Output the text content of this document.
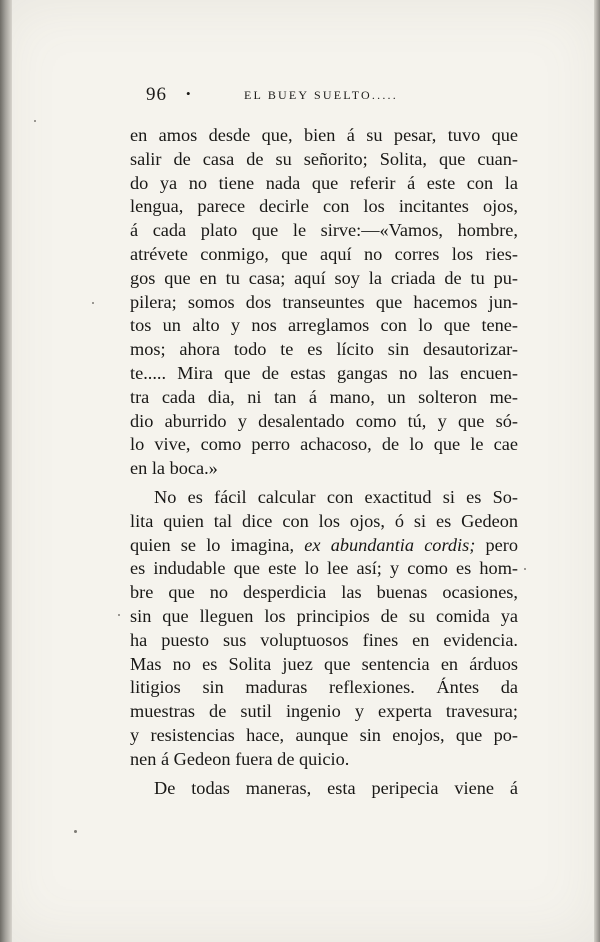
96 •	EL BUEY SUELTO.....
en amos desde que, bien á su pesar, tuvo que
salir de casa de su señorito; Solita, que cuan-
do ya no tiene nada que referir á este con la
lengua, parece decirle con los incitantes ojos,
á cada plato que le sirve:—«Vamos, hombre,
atrévete conmigo, que aquí no corres los ries-
gos que en tu casa; aquí soy la criada de tu pu-
pilera; somos dos transeuntes que hacemos jun-
tos un alto y nos arreglamos con lo que tene-
mos; ahora todo te es lícito sin desautorizar-
te..... Mira que de estas gangas no las encuen-
tra cada dia, ni tan á mano, un solteron me-
dio aburrido y desalentado como tú, y que só-
lo vive, como perro achacoso, de lo que le cae
en la boca.»
No es fácil calcular con exactitud si es So-
lita quien tal dice con los ojos, ó si es Gedeon
quien se lo imagina, ex abundantia cordis; pero
es indudable que este lo lee así; y como es hom-
bre que no desperdicia las buenas ocasiones,
sin que lleguen los principios de su comida ya
ha puesto sus voluptuosos fines en evidencia.
Mas no es Solita juez que sentencia en árduos
litigios sin maduras reflexiones. Ántes da
muestras de sutil ingenio y experta travesura;
y resistencias hace, aunque sin enojos, que po-
nen á Gedeon fuera de quicio.
De todas maneras, esta peripecia viene á
